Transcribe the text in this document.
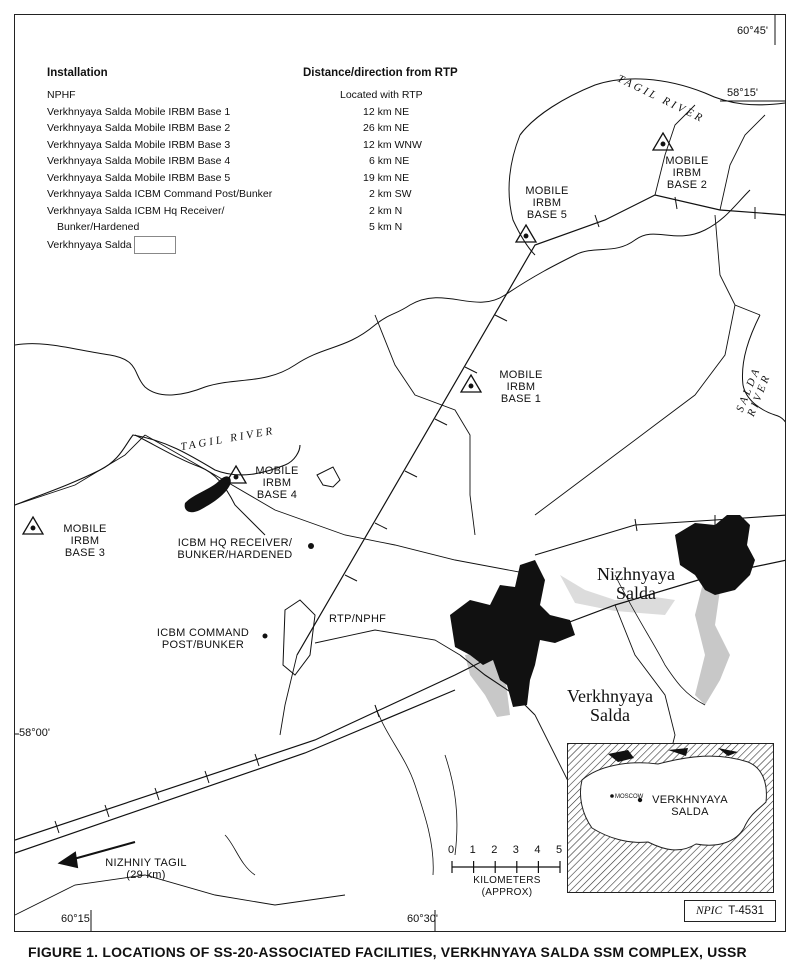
Installation	Distance/direction from RTP
NPHF
Verkhnyaya Salda Mobile IRBM Base 1
Verkhnyaya Salda Mobile IRBM Base 2
Verkhnyaya Salda Mobile IRBM Base 3
Verkhnyaya Salda Mobile IRBM Base 4
Verkhnyaya Salda Mobile IRBM Base 5
Verkhnyaya Salda ICBM Command Post/Bunker
Verkhnyaya Salda ICBM Hq Receiver/
Bunker/Hardened
Verkhnyaya Salda
Located with RTP
12 km NE
26 km NE
12 km WNW
6 km NE
19 km NE
2 km SW
2 km N
5 km N
60°45'
58°15'
58°00'
60°15'	60°30'
MOBILE
IRBM
BASE 1
MOBILE
IRBM
BASE 2
MOBILE
IRBM
BASE 3
MOBILE
IRBM
BASE 4
MOBILE
IRBM
BASE 5
ICBM HQ RECEIVER/
BUNKER/HARDENED
ICBM COMMAND
POST/BUNKER
RTP/NPHF
Nizhnyaya
Salda
Verkhnyaya
Salda
TAGIL RIVER
TAGIL RIVER
SALDA RIVER
NIZHNIY TAGIL
(29 km)
0 1 2 3 4 5
KILOMETERS
(APPROX)
MOSCOW VERKHNYAYA
SALDA
NPIC T-4531
FIGURE 1. LOCATIONS OF SS-20-ASSOCIATED FACILITIES, VERKHNYAYA SALDA SSM COMPLEX, USSR
